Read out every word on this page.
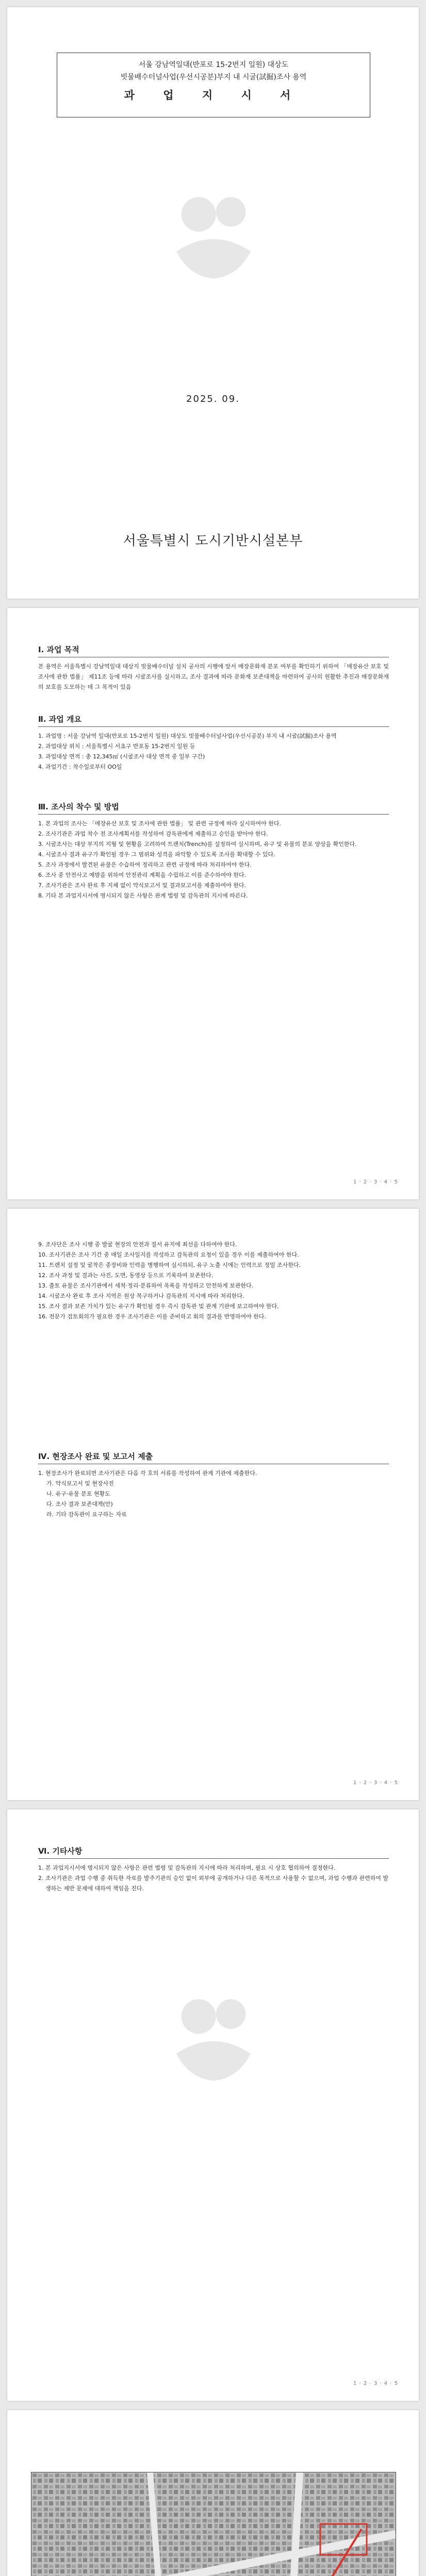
서울 강남역일대(반포로 15-2번지 일원) 대상도
빗물배수터널사업(우선시공분)부지 내 시굴(試掘)조사 용역
과 업 지 시 서
2025. 09.
서울특별시 도시기반시설본부
Ⅰ. 과업 목적

본 용역은 서울특별시 강남역일대 대상지 빗물배수터널 설치 공사의 시행에 앞서 매장문화재 분포 여부를 확인하기 위하여 「매장유산 보호 및 조사에 관한 법률」 제11조 등에 따라 시굴조사를 실시하고, 조사 결과에 따라 문화재 보존대책을 마련하여 공사의 원활한 추진과 매장문화재의 보호를 도모하는 데 그 목적이 있음

Ⅱ. 과업 개요
1. 과업명 : 서울 강남역 일대(반포로 15-2번지 일원) 대상도 빗물배수터널사업(우선시공분) 부지 내 시굴(試掘)조사 용역
2. 과업대상 위치 : 서울특별시 서초구 반포동 15-2번지 일원 등
3. 과업대상 면적 : 총 12,345㎡ (시굴조사 대상 면적 중 일부 구간)
4. 과업기간 : 착수일로부터 OO일
Ⅲ. 조사의 착수 및 방법
1. 본 과업의 조사는 「매장유산 보호 및 조사에 관한 법률」 및 관련 규정에 따라 실시하여야 한다.
2. 조사기관은 과업 착수 전 조사계획서를 작성하여 감독관에게 제출하고 승인을 받아야 한다.
3. 시굴조사는 대상 부지의 지형 및 현황을 고려하여 트렌치(Trench)를 설정하여 실시하며, 유구 및 유물의 분포 양상을 확인한다.
4. 시굴조사 결과 유구가 확인될 경우 그 범위와 성격을 파악할 수 있도록 조사를 확대할 수 있다.
5. 조사 과정에서 발견된 유물은 수습하여 정리하고 관련 규정에 따라 처리하여야 한다.
6. 조사 중 안전사고 예방을 위하여 안전관리 계획을 수립하고 이를 준수하여야 한다.
7. 조사기관은 조사 완료 후 지체 없이 약식보고서 및 결과보고서를 제출하여야 한다.
8. 기타 본 과업지시서에 명시되지 않은 사항은 관계 법령 및 감독관의 지시에 따른다.
1 · 2 · 3 · 4 · 5
9. 조사단은 조사 시행 중 발굴 현장의 안전과 질서 유지에 최선을 다하여야 한다.
10. 조사기관은 조사 기간 중 매일 조사일지를 작성하고 감독관의 요청이 있을 경우 이를 제출하여야 한다.
11. 트렌치 설정 및 굴착은 중장비와 인력을 병행하여 실시하되, 유구 노출 시에는 인력으로 정밀 조사한다.
12. 조사 과정 및 결과는 사진, 도면, 동영상 등으로 기록하여 보존한다.
13. 출토 유물은 조사기관에서 세척·정리·분류하여 목록을 작성하고 안전하게 보관한다.
14. 시굴조사 완료 후 조사 지역은 원상 복구하거나 감독관의 지시에 따라 처리한다.
15. 조사 결과 보존 가치가 있는 유구가 확인될 경우 즉시 감독관 및 관계 기관에 보고하여야 한다.
16. 전문가 검토회의가 필요한 경우 조사기관은 이를 준비하고 회의 결과를 반영하여야 한다.
Ⅳ. 현장조사 완료 및 보고서 제출
1. 현장조사가 완료되면 조사기관은 다음 각 호의 서류를 작성하여 관계 기관에 제출한다.
가. 약식보고서 및 현장사진
나. 유구·유물 분포 현황도
다. 조사 결과 보존대책(안)
라. 기타 감독관이 요구하는 자료
1 · 2 · 3 · 4 · 5
Ⅵ. 기타사항
1. 본 과업지시서에 명시되지 않은 사항은 관련 법령 및 감독관의 지시에 따라 처리하며, 필요 시 상호 협의하여 결정한다.
2. 조사기관은 과업 수행 중 취득한 자료를 발주기관의 승인 없이 외부에 공개하거나 다른 목적으로 사용할 수 없으며, 과업 수행과 관련하여 발생하는 제반 문제에 대하여 책임을 진다.
1 · 2 · 3 · 4 · 5
